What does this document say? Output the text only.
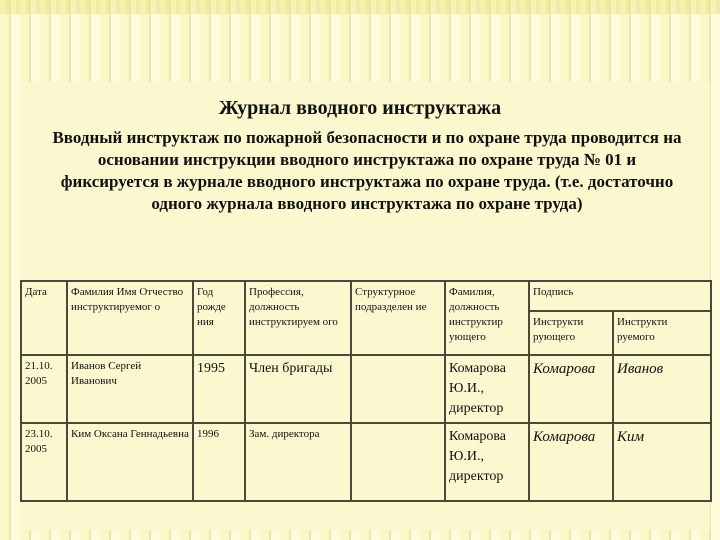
Журнал вводного инструктажа

Вводный инструктаж по пожарной безопасности и по охране труда проводится на основании инструкции вводного инструктажа по охране труда № 01 и фиксируется в журнале вводного инструктажа по охране труда. (т.е. достаточно одного журнала вводного инструктажа по охране труда)

Дата	Фамилия Имя Отчество инструктируемог о	Год рожде ния	Профессия, должность инструктируем ого	Структурное подразделен ие	Фамилия, должность инструктир ующего	Подпись	
						Инструкти рующего	Инструкти руемого
21.10. 2005	Иванов Сергей Иванович	1995	Член бригады		Комарова Ю.И., директор	Комарова	Иванов
23.10. 2005	Ким Оксана Геннадьевна	1996	Зам. директора		Комарова Ю.И., директор	Комарова	Ким
